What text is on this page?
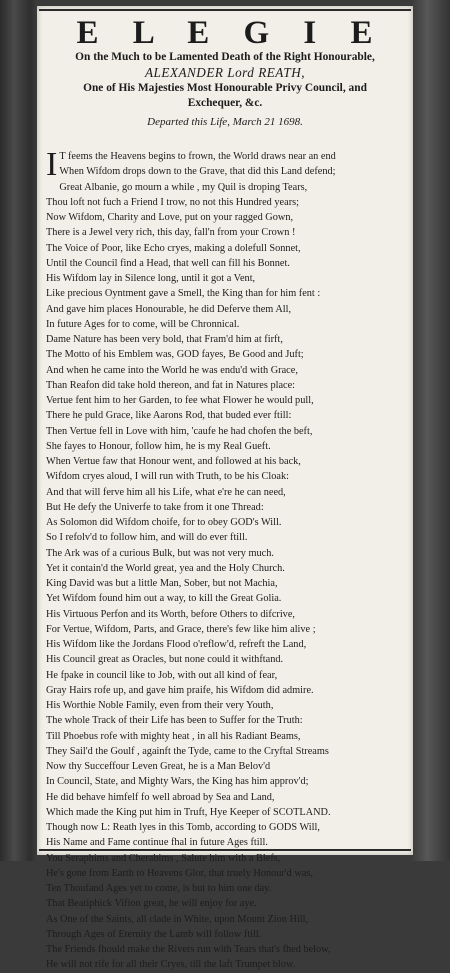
E L E G I E
On the Much to be Lamented Death of the Right Honourable,
ALEXANDER Lord REATH,
One of His Majesties Most Honourable Privy Council, and
Exchequer, &c.
Departed this Life, March 21 1698.
I T feems the Heavens begins to frown, the World draws near an end
When Wifdom drops down to the Grave, that did this Land defend;
Great Albanie, go mourn a while , my Quil is droping Tears,
Thou loft not fuch a Friend I trow, no not this Hundred years;
Now Wifdom, Charity and Love, put on your ragged Gown,
There is a Jewel very rich, this day, fall'n from your Crown !
The Voice of Poor, like Echo cryes, making a dolefull Sonnet,
Until the Council find a Head, that well can fill his Bonnet.
His Wifdom lay in Silence long, until it got a Vent,
Like precious Oyntment gave a Smell, the King than for him fent :
And gave him places Honourable, he did Deferve them All,
In future Ages for to come, will be Chronnical.
Dame Nature has been very bold, that Fram'd him at firft,
The Motto of his Emblem was, GOD fayes, Be Good and Juft;
And when he came into the World he was endu'd with Grace,
Than Reafon did take hold thereon, and fat in Natures place:
Vertue fent him to her Garden, to fee what Flower he would pull,
There he puld Grace, like Aarons Rod, that buded ever ftill:
Then Vertue fell in Love with him, 'caufe he had chofen the beft,
She fayes to Honour, follow him, he is my Real Gueft.
When Vertue faw that Honour went, and followed at his back,
Wifdom cryes aloud, I will run with Truth, to be his Cloak:
And that will ferve him all his Life, what e're he can need,
But He defy the Univerfe to take from it one Thread:
As Solomon did Wifdom choife, for to obey GOD's Will.
So I refolv'd to follow him, and will do ever ftill.
The Ark was of a curious Bulk, but was not very much.
Yet it contain'd the World great, yea and the Holy Church.
King David was but a little Man, Sober, but not Machia,
Yet Wifdom found him out a way, to kill the Great Golia.
His Virtuous Perfon and its Worth, before Others to difcrive,
For Vertue, Wifdom, Parts, and Grace, there's few like him alive ;
His Wifdom like the Jordans Flood o'reflow'd, refreft the Land,
His Council great as Oracles, but none could it withftand.
He fpake in council like to Job, with out all kind of fear,
Gray Hairs rofe up, and gave him praife, his Wifdom did admire.
His Worthie Noble Family, even from their very Youth,
The whole Track of their Life has been to Suffer for the Truth:
Till Phoebus rofe with mighty heat , in all his Radiant Beams,
They Sail'd the Goulf , againft the Tyde, came to the Cryftal Streams
Now thy Succeffour Leven Great, he is a Man Belov'd
In Council, State, and Mighty Wars, the King has him approv'd;
He did behave himfelf fo well abroad by Sea and Land,
Which made the King put him in Truft, Hye Keeper of SCOTLAND.
Though now L: Reath lyes in this Tomb, according to GODS Will,
His Name and Fame continue fhal in future Ages ftill.
You Seraphims and Cherabims , Salute him with a Blefs,
He's gone from Earth to Heavens Glor, that truely Honour'd was,
Ten Thoufand Ages yet to come, is but to him one day.
That Beatiphick Vifion great, he will enjoy for aye.
As One of the Saints, all clade in White, upon Mount Zion Hill,
Through Ages of Eternity the Lamb will follow ftill.
The Friends fhould make the Rivers run with Tears that's fhed below,
He will not rife for all their Cryes, till the laft Trumpet blow.
